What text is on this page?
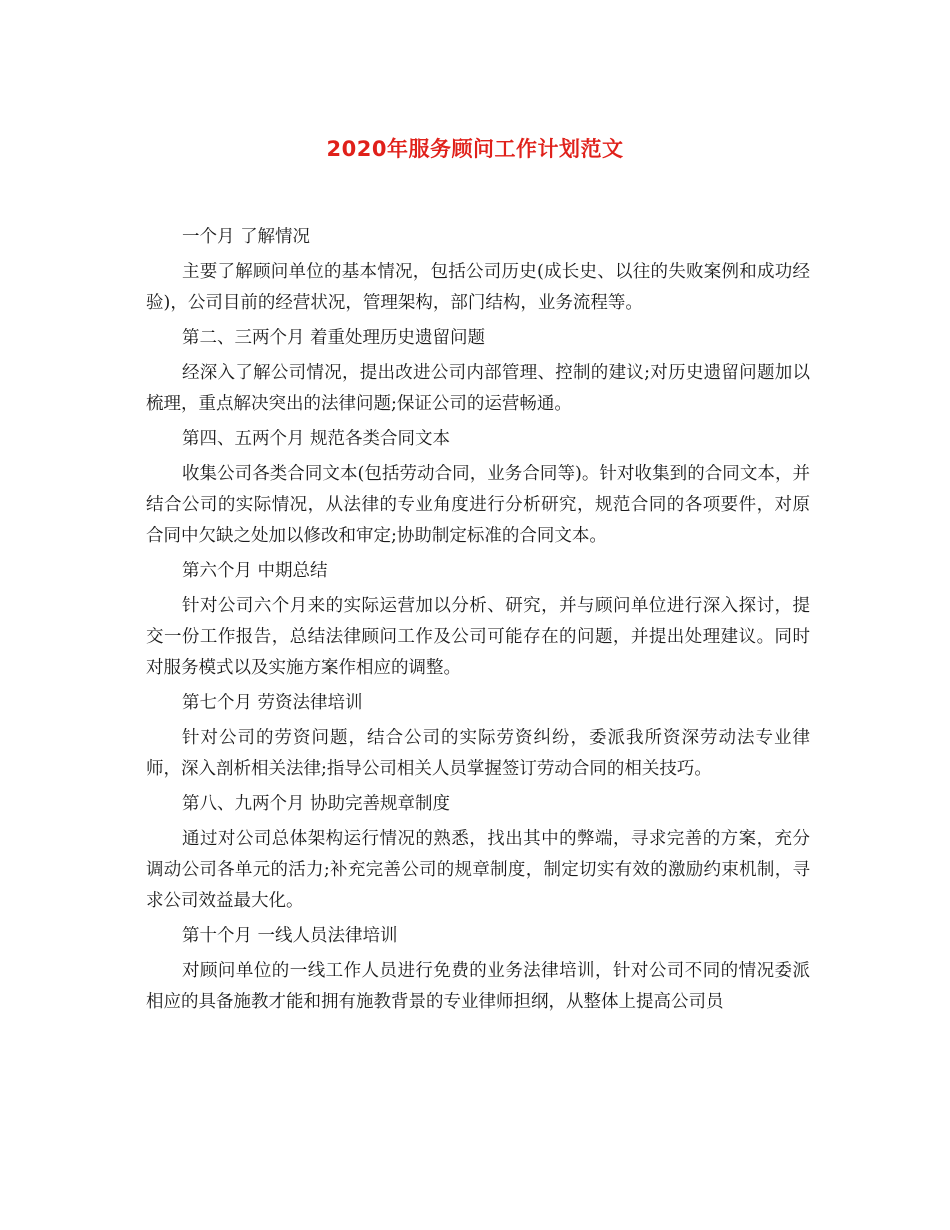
2020年服务顾问工作计划范文

一个月 了解情况

主要了解顾问单位的基本情况，包括公司历史(成长史、以往的失败案例和成功经验)，公司目前的经营状况，管理架构，部门结构，业务流程等。

第二、三两个月 着重处理历史遗留问题

经深入了解公司情况，提出改进公司内部管理、控制的建议;对历史遗留问题加以梳理，重点解决突出的法律问题;保证公司的运营畅通。

第四、五两个月 规范各类合同文本

收集公司各类合同文本(包括劳动合同，业务合同等)。针对收集到的合同文本，并结合公司的实际情况，从法律的专业角度进行分析研究，规范合同的各项要件，对原合同中欠缺之处加以修改和审定;协助制定标准的合同文本。

第六个月 中期总结

针对公司六个月来的实际运营加以分析、研究，并与顾问单位进行深入探讨，提交一份工作报告，总结法律顾问工作及公司可能存在的问题，并提出处理建议。同时对服务模式以及实施方案作相应的调整。

第七个月 劳资法律培训

针对公司的劳资问题，结合公司的实际劳资纠纷，委派我所资深劳动法专业律师，深入剖析相关法律;指导公司相关人员掌握签订劳动合同的相关技巧。

第八、九两个月 协助完善规章制度

通过对公司总体架构运行情况的熟悉，找出其中的弊端，寻求完善的方案，充分调动公司各单元的活力;补充完善公司的规章制度，制定切实有效的激励约束机制，寻求公司效益最大化。

第十个月 一线人员法律培训

对顾问单位的一线工作人员进行免费的业务法律培训，针对公司不同的情况委派相应的具备施教才能和拥有施教背景的专业律师担纲，从整体上提高公司员
